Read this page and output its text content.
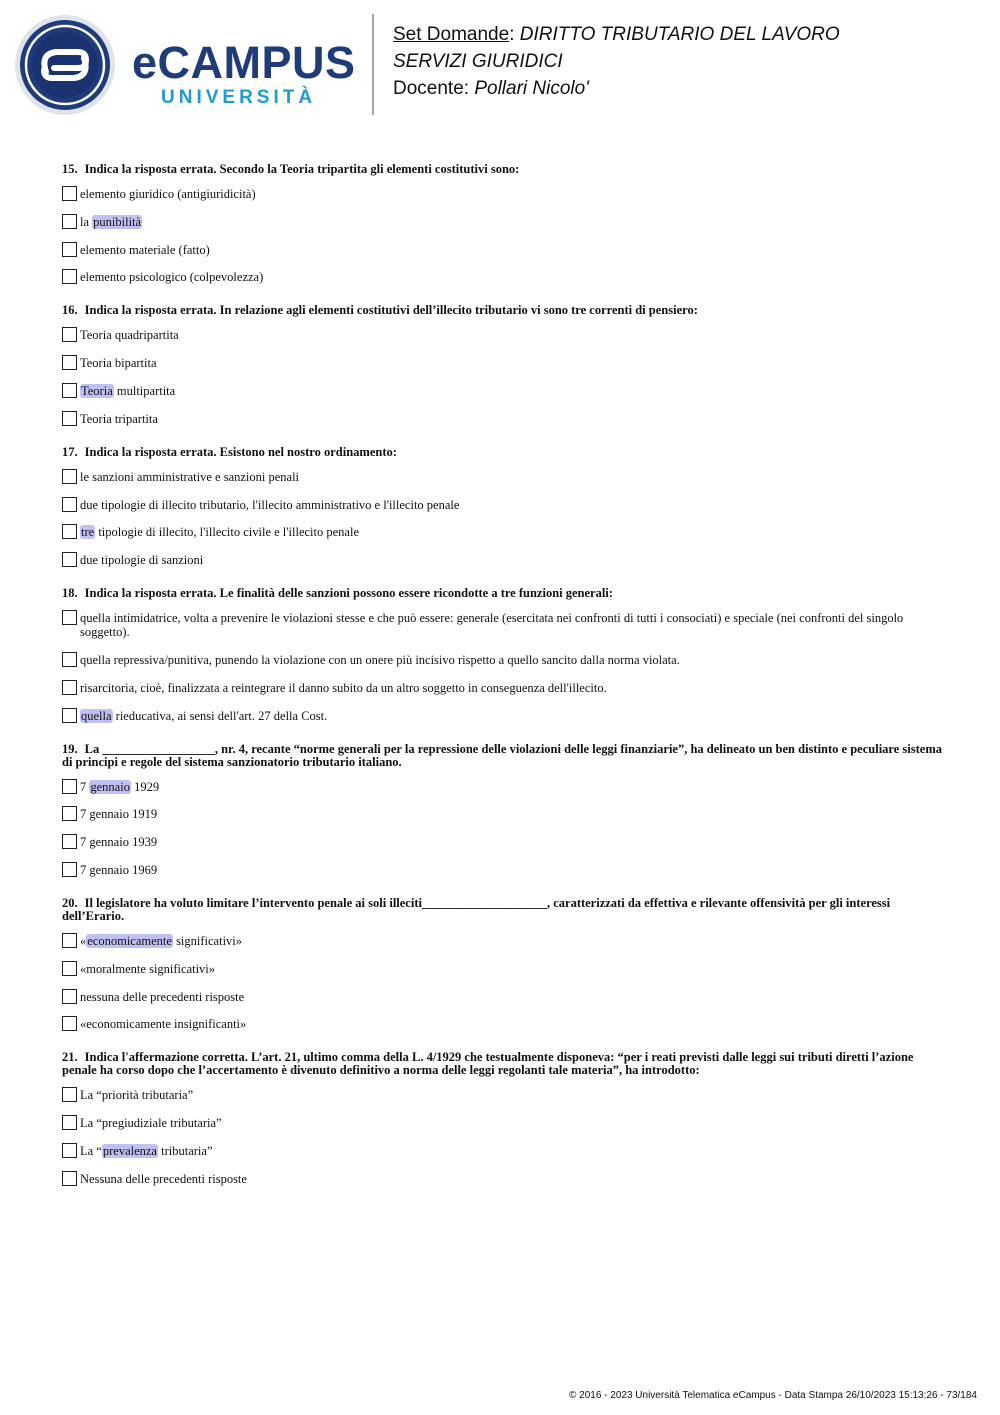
eCAMPUS
UNIVERSITÀ
Set Domande: DIRITTO TRIBUTARIO DEL LAVORO
SERVIZI GIURIDICI
Docente: Pollari Nicolo'
15. Indica la risposta errata. Secondo la Teoria tripartita gli elementi costitutivi sono:
elemento giuridico (antigiuridicità)
la punibilità
elemento materiale (fatto)
elemento psicologico (colpevolezza)
16. Indica la risposta errata. In relazione agli elementi costitutivi dell’illecito tributario vi sono tre correnti di pensiero:
Teoria quadripartita
Teoria bipartita
Teoria multipartita
Teoria tripartita
17. Indica la risposta errata. Esistono nel nostro ordinamento:
le sanzioni amministrative e sanzioni penali
due tipologie di illecito tributario, l'illecito amministrativo e l'illecito penale
tre tipologie di illecito, l'illecito civile e l'illecito penale
due tipologie di sanzioni
18. Indica la risposta errata. Le finalità delle sanzioni possono essere ricondotte a tre funzioni generali:
quella intimidatrice, volta a prevenire le violazioni stesse e che può essere: generale (esercitata nei confronti di tutti i consociati) e speciale (nei confronti del singolo soggetto).
quella repressiva/punitiva, punendo la violazione con un onere più incisivo rispetto a quello sancito dalla norma violata.
risarcitoria, cioè, finalizzata a reintegrare il danno subito da un altro soggetto in conseguenza dell'illecito.
quella rieducativa, ai sensi dell'art. 27 della Cost.
19. La __________________, nr. 4, recante “norme generali per la repressione delle violazioni delle leggi finanziarie”, ha delineato un ben distinto e peculiare sistema di principi e regole del sistema sanzionatorio tributario italiano.
7 gennaio 1929
7 gennaio 1919
7 gennaio 1939
7 gennaio 1969
20. Il legislatore ha voluto limitare l’intervento penale ai soli illeciti____________________, caratterizzati da effettiva e rilevante offensività per gli interessi dell’Erario.
«economicamente significativi»
«moralmente significativi»
nessuna delle precedenti risposte
«economicamente insignificanti»
21. Indica l'affermazione corretta. L’art. 21, ultimo comma della L. 4/1929 che testualmente disponeva: “per i reati previsti dalle leggi sui tributi diretti l’azione penale ha corso dopo che l’accertamento è divenuto definitivo a norma delle leggi regolanti tale materia”, ha introdotto:
La “priorità tributaria”
La “pregiudiziale tributaria”
La “prevalenza tributaria”
Nessuna delle precedenti risposte
© 2016 - 2023 Università Telematica eCampus - Data Stampa 26/10/2023 15:13:26 - 73/184
